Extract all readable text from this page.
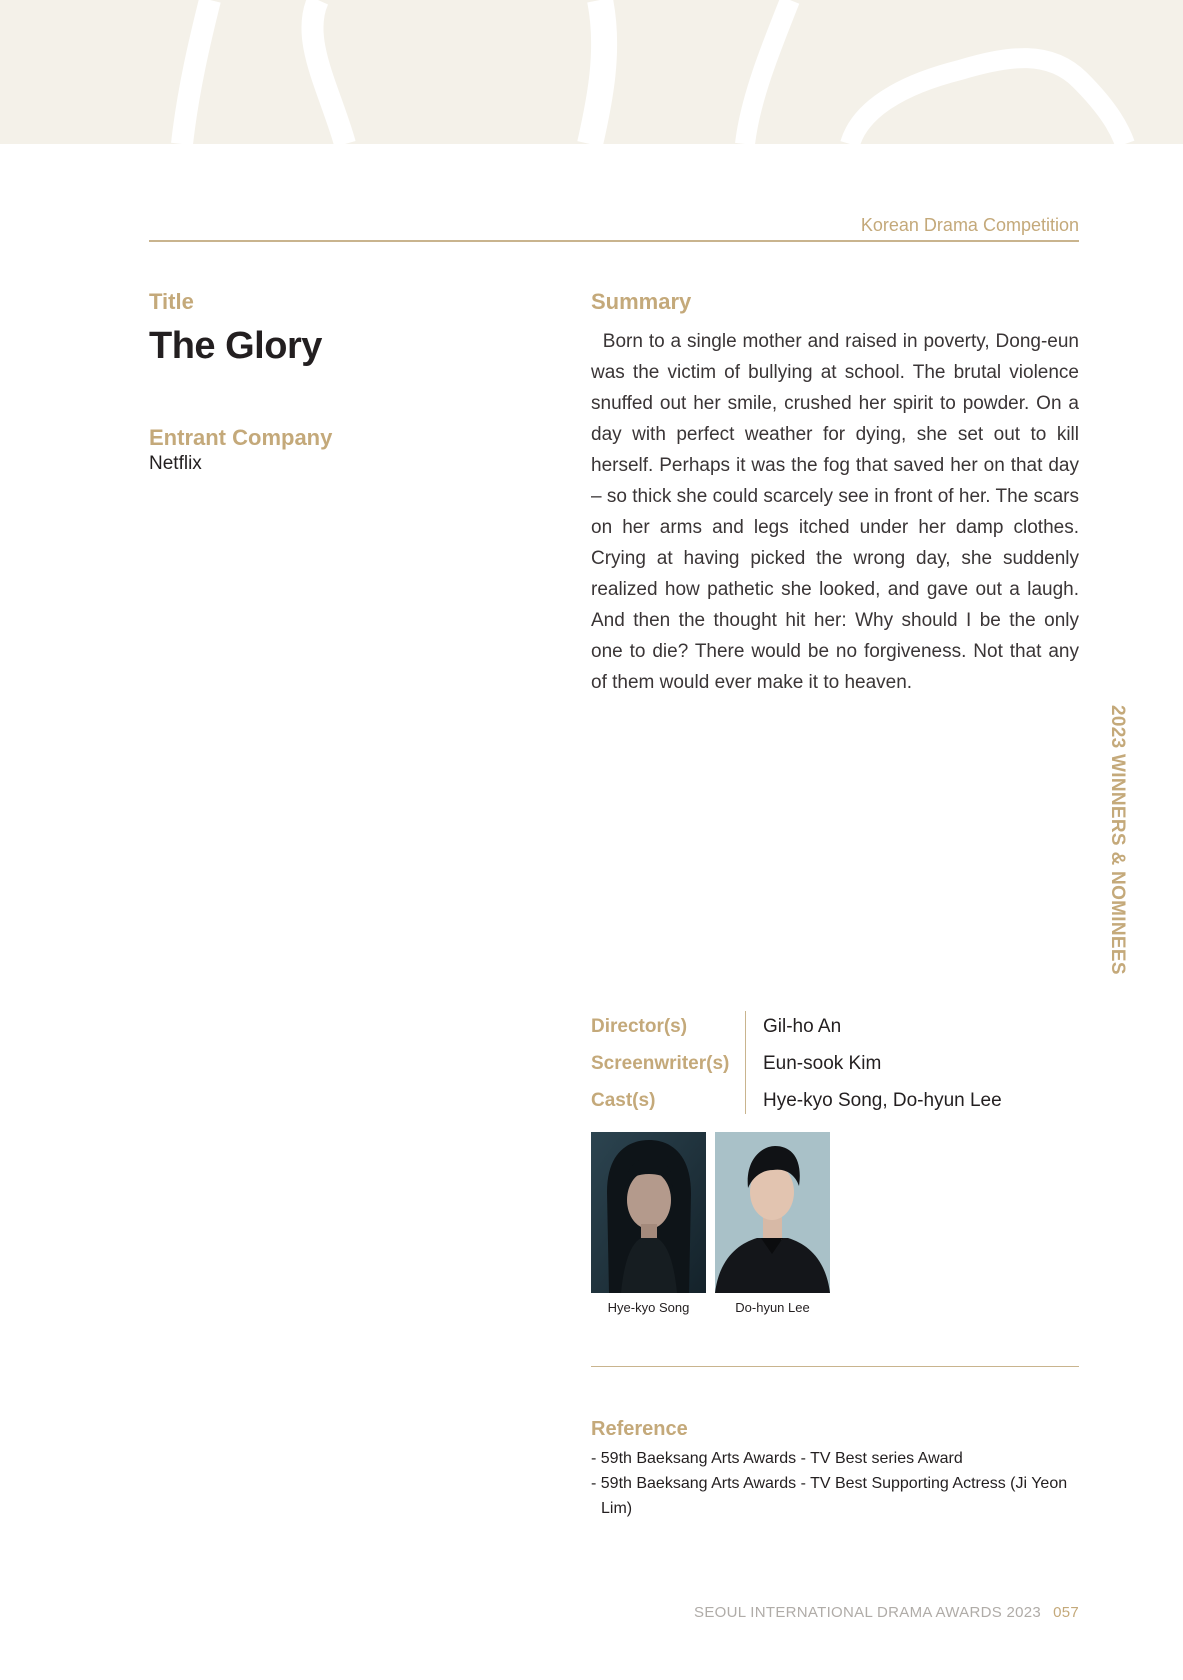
Korean Drama Competition
Title
The Glory
Entrant Company
Netflix
Summary

Born to a single mother and raised in poverty, Dong-eun was the victim of bullying at school. The brutal violence snuffed out her smile, crushed her spirit to powder. On a day with perfect weather for dying, she set out to kill herself. Perhaps it was the fog that saved her on that day – so thick she could scarcely see in front of her. The scars on her arms and legs itched under her damp clothes. Crying at having picked the wrong day, she suddenly realized how pathetic she looked, and gave out a laugh. And then the thought hit her: Why should I be the only one to die? There would be no forgiveness. Not that any of them would ever make it to heaven.

2023 WINNERS & NOMINEES
Director(s)	Gil-ho An
Screenwriter(s)	Eun-sook Kim
Cast(s)	Hye-kyo Song, Do-hyun Lee
Hye-kyo Song	Do-hyun Lee
Reference
- 59th Baeksang Arts Awards - TV Best series Award
- 59th Baeksang Arts Awards - TV Best Supporting Actress (Ji Yeon Lim)
SEOUL INTERNATIONAL DRAMA AWARDS 2023 057
